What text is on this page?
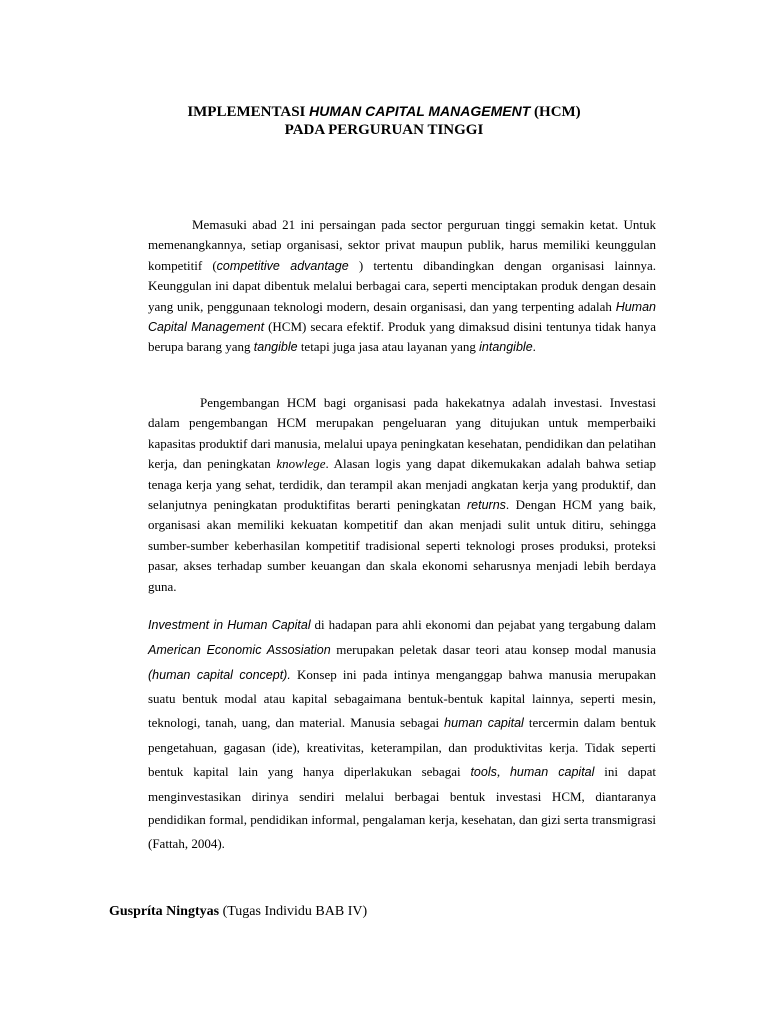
IMPLEMENTASI HUMAN CAPITAL MANAGEMENT (HCM)
PADA PERGURUAN TINGGI
Memasuki abad 21 ini persaingan pada sector perguruan tinggi semakin ketat. Untuk memenangkannya, setiap organisasi, sektor privat maupun publik, harus memiliki keunggulan kompetitif (competitive advantage ) tertentu dibandingkan dengan organisasi lainnya. Keunggulan ini dapat dibentuk melalui berbagai cara, seperti menciptakan produk dengan desain yang unik, penggunaan teknologi modern, desain organisasi, dan yang terpenting adalah Human Capital Management (HCM) secara efektif. Produk yang dimaksud disini tentunya tidak hanya berupa barang yang tangible tetapi juga jasa atau layanan yang intangible.
Pengembangan HCM bagi organisasi pada hakekatnya adalah investasi. Investasi dalam pengembangan HCM merupakan pengeluaran yang ditujukan untuk memperbaiki kapasitas produktif dari manusia, melalui upaya peningkatan kesehatan, pendidikan dan pelatihan kerja, dan peningkatan knowlege. Alasan logis yang dapat dikemukakan adalah bahwa setiap tenaga kerja yang sehat, terdidik, dan terampil akan menjadi angkatan kerja yang produktif, dan selanjutnya peningkatan produktifitas berarti peningkatan returns. Dengan HCM yang baik, organisasi akan memiliki kekuatan kompetitif dan akan menjadi sulit untuk ditiru, sehingga sumber-sumber keberhasilan kompetitif tradisional seperti teknologi proses produksi, proteksi pasar, akses terhadap sumber keuangan dan skala ekonomi seharusnya menjadi lebih berdaya guna.
Investment in Human Capital di hadapan para ahli ekonomi dan pejabat yang tergabung dalam American Economic Assosiation merupakan peletak dasar teori atau konsep modal manusia (human capital concept). Konsep ini pada intinya menganggap bahwa manusia merupakan suatu bentuk modal atau kapital sebagaimana bentuk-bentuk kapital lainnya, seperti mesin, teknologi, tanah, uang, dan material. Manusia sebagai human capital tercermin dalam bentuk pengetahuan, gagasan (ide), kreativitas, keterampilan, dan produktivitas kerja. Tidak seperti bentuk kapital lain yang hanya diperlakukan sebagai tools, human capital ini dapat menginvestasikan dirinya sendiri melalui berbagai bentuk investasi HCM, diantaranya pendidikan formal, pendidikan informal, pengalaman kerja, kesehatan, dan gizi serta transmigrasi (Fattah, 2004).
Guspríta Ningtyas (Tugas Individu BAB IV)
